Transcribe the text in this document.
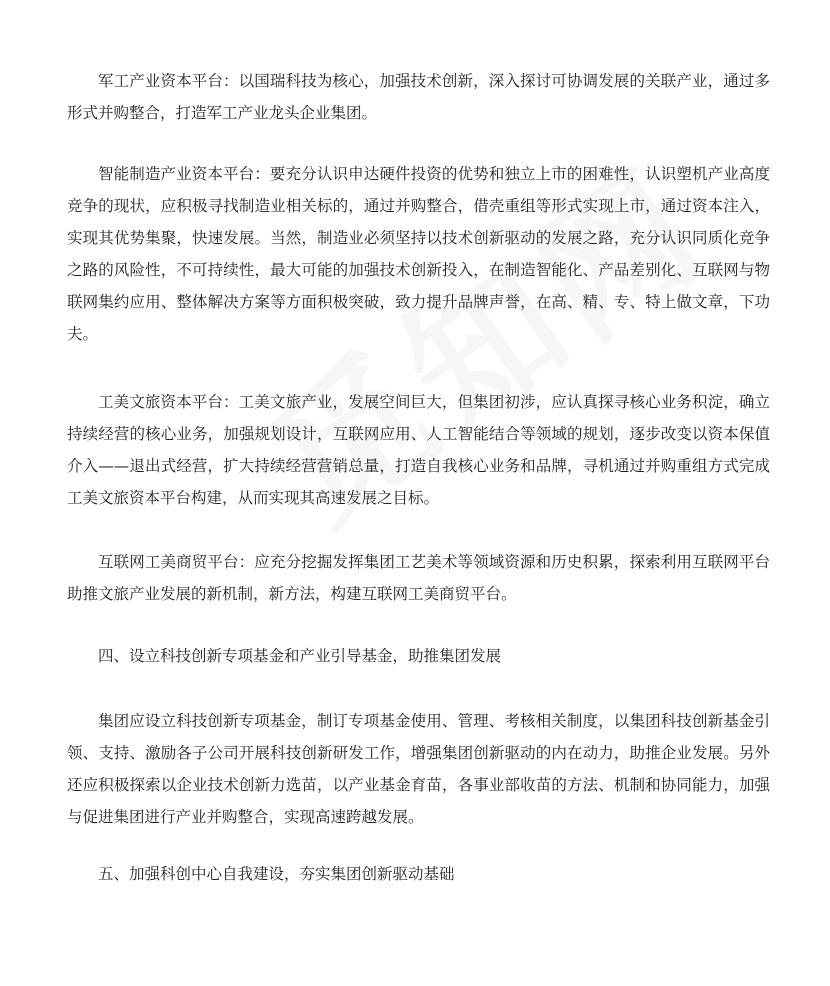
军工产业资本平台：以国瑞科技为核心，加强技术创新，深入探讨可协调发展的关联产业，通过多形式并购整合，打造军工产业龙头企业集团。

智能制造产业资本平台：要充分认识申达硬件投资的优势和独立上市的困难性，认识塑机产业高度竞争的现状，应积极寻找制造业相关标的，通过并购整合，借壳重组等形式实现上市，通过资本注入，实现其优势集聚，快速发展。当然，制造业必须坚持以技术创新驱动的发展之路，充分认识同质化竞争之路的风险性，不可持续性，最大可能的加强技术创新投入，在制造智能化、产品差别化、互联网与物联网集约应用、整体解决方案等方面积极突破，致力提升品牌声誉，在高、精、专、特上做文章，下功夫。

工美文旅资本平台：工美文旅产业，发展空间巨大，但集团初涉，应认真探寻核心业务积淀，确立持续经营的核心业务，加强规划设计，互联网应用、人工智能结合等领域的规划，逐步改变以资本保值介入——退出式经营，扩大持续经营营销总量，打造自我核心业务和品牌，寻机通过并购重组方式完成工美文旅资本平台构建，从而实现其高速发展之目标。

互联网工美商贸平台：应充分挖掘发挥集团工艺美术等领域资源和历史积累，探索利用互联网平台助推文旅产业发展的新机制，新方法，构建互联网工美商贸平台。

四、设立科技创新专项基金和产业引导基金，助推集团发展

集团应设立科技创新专项基金，制订专项基金使用、管理、考核相关制度，以集团科技创新基金引领、支持、激励各子公司开展科技创新研发工作，增强集团创新驱动的内在动力，助推企业发展。另外还应积极探索以企业技术创新力选苗，以产业基金育苗，各事业部收苗的方法、机制和协同能力，加强与促进集团进行产业并购整合，实现高速跨越发展。

五、加强科创中心自我建设，夯实集团创新驱动基础
